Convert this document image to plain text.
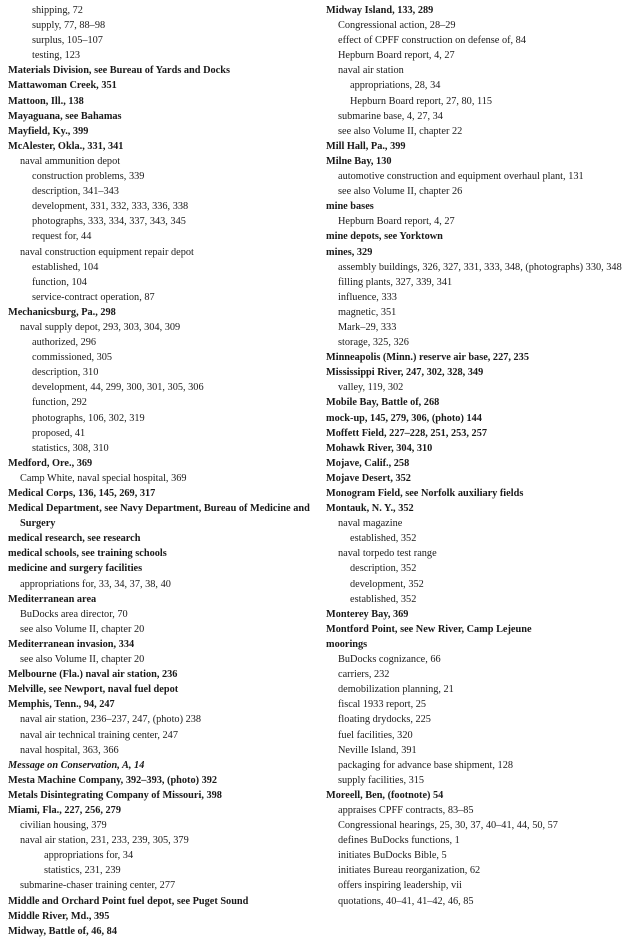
shipping, 72

supply, 77, 88–98

surplus, 105–107

testing, 123

Materials Division, see Bureau of Yards and Docks

Mattawoman Creek, 351

Mattoon, Ill., 138

Mayaguana, see Bahamas

Mayfield, Ky., 399

McAlester, Okla., 331, 341

naval ammunition depot

construction problems, 339

description, 341–343

development, 331, 332, 333, 336, 338

photographs, 333, 334, 337, 343, 345

request for, 44

naval construction equipment repair depot

established, 104

function, 104

service-contract operation, 87

Mechanicsburg, Pa., 298

naval supply depot, 293, 303, 304, 309

authorized, 296

commissioned, 305

description, 310

development, 44, 299, 300, 301, 305, 306

function, 292

photographs, 106, 302, 319

proposed, 41

statistics, 308, 310

Medford, Ore., 369

Camp White, naval special hospital, 369

Medical Corps, 136, 145, 269, 317

Medical Department, see Navy Department, Bureau of Medicine and Surgery

medical research, see research

medical schools, see training schools

medicine and surgery facilities

appropriations for, 33, 34, 37, 38, 40

Mediterranean area

BuDocks area director, 70

see also Volume II, chapter 20

Mediterranean invasion, 334

see also Volume II, chapter 20

Melbourne (Fla.) naval air station, 236

Melville, see Newport, naval fuel depot

Memphis, Tenn., 94, 247

naval air station, 236–237, 247, (photo) 238

naval air technical training center, 247

naval hospital, 363, 366

Message on Conservation, A, 14

Mesta Machine Company, 392–393, (photo) 392

Metals Disintegrating Company of Missouri, 398

Miami, Fla., 227, 256, 279

civilian housing, 379

naval air station, 231, 233, 239, 305, 379

appropriations for, 34

statistics, 231, 239

submarine-chaser training center, 277

Middle and Orchard Point fuel depot, see Puget Sound

Middle River, Md., 395

Midway, Battle of, 46, 84

Midway Island, 133, 289

Congressional action, 28–29

effect of CPFF construction on defense of, 84

Hepburn Board report, 4, 27

naval air station

appropriations, 28, 34

Hepburn Board report, 27, 80, 115

submarine base, 4, 27, 34

see also Volume II, chapter 22

Mill Hall, Pa., 399

Milne Bay, 130

automotive construction and equipment overhaul plant, 131

see also Volume II, chapter 26

mine bases

Hepburn Board report, 4, 27

mine depots, see Yorktown

mines, 329

assembly buildings, 326, 327, 331, 333, 348, (photographs) 330, 348

filling plants, 327, 339, 341

influence, 333

magnetic, 351

Mark–29, 333

storage, 325, 326

Minneapolis (Minn.) reserve air base, 227, 235

Mississippi River, 247, 302, 328, 349

valley, 119, 302

Mobile Bay, Battle of, 268

mock-up, 145, 279, 306, (photo) 144

Moffett Field, 227–228, 251, 253, 257

Mohawk River, 304, 310

Mojave, Calif., 258

Mojave Desert, 352

Monogram Field, see Norfolk auxiliary fields

Montauk, N. Y., 352

naval magazine

established, 352

naval torpedo test range

description, 352

development, 352

established, 352

Monterey Bay, 369

Montford Point, see New River, Camp Lejeune

moorings

BuDocks cognizance, 66

carriers, 232

demobilization planning, 21

fiscal 1933 report, 25

floating drydocks, 225

fuel facilities, 320

Neville Island, 391

packaging for advance base shipment, 128

supply facilities, 315

Moreell, Ben, (footnote) 54

appraises CPFF contracts, 83–85

Congressional hearings, 25, 30, 37, 40–41, 44, 50, 57

defines BuDocks functions, 1

initiates BuDocks Bible, 5

initiates Bureau reorganization, 62

offers inspiring leadership, vii

quotations, 40–41, 41–42, 46, 85
